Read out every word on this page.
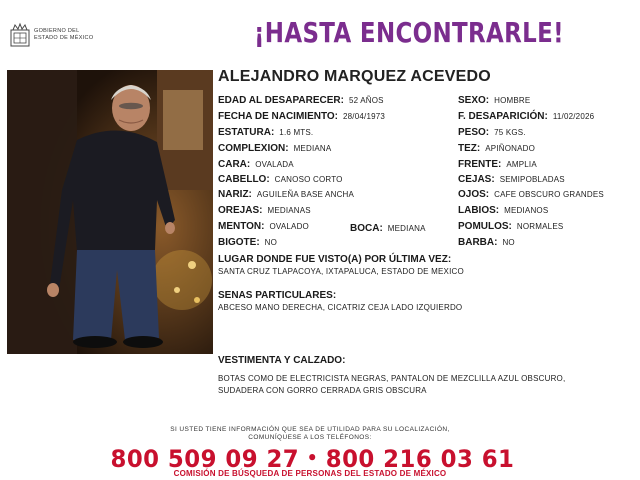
GOBIERNO DEL
ESTADO DE MÉXICO	¡HASTA ENCONTRARLE!
ALEJANDRO MARQUEZ ACEVEDO
EDAD AL DESAPARECER: 52 AÑOS
FECHA DE NACIMIENTO: 28/04/1973
ESTATURA: 1.6 MTS.
COMPLEXION: MEDIANA
CARA: OVALADA
CABELLO: CANOSO CORTO
NARIZ: AGUILEÑA BASE ANCHA
OREJAS: MEDIANAS
MENTON: OVALADO	BOCA: MEDIANA
BIGOTE: NO
SEXO: HOMBRE
F. DESAPARICIÓN: 11/02/2026
PESO: 75 KGS.
TEZ: APIÑONADO
FRENTE: AMPLIA
CEJAS: SEMIPOBLADAS
OJOS: CAFE OBSCURO GRANDES
LABIOS: MEDIANOS
POMULOS: NORMALES
BARBA: NO
LUGAR DONDE FUE VISTO(A) POR ÚLTIMA VEZ:
SANTA CRUZ TLAPACOYA, IXTAPALUCA, ESTADO DE MEXICO
SENAS PARTICULARES:
ABCESO MANO DERECHA, CICATRIZ CEJA LADO IZQUIERDO
VESTIMENTA Y CALZADO:
BOTAS COMO DE ELECTRICISTA NEGRAS, PANTALON DE MEZCLILLA AZUL OBSCURO,
SUDADERA CON GORRO CERRADA GRIS OBSCURA
SI USTED TIENE INFORMACIÓN QUE SEA DE UTILIDAD PARA SU LOCALIZACIÓN,
COMUNÍQUESE A LOS TELÉFONOS:
800 509 09 27 • 800 216 03 61
COMISIÓN DE BÚSQUEDA DE PERSONAS DEL ESTADO DE MÉXICO
